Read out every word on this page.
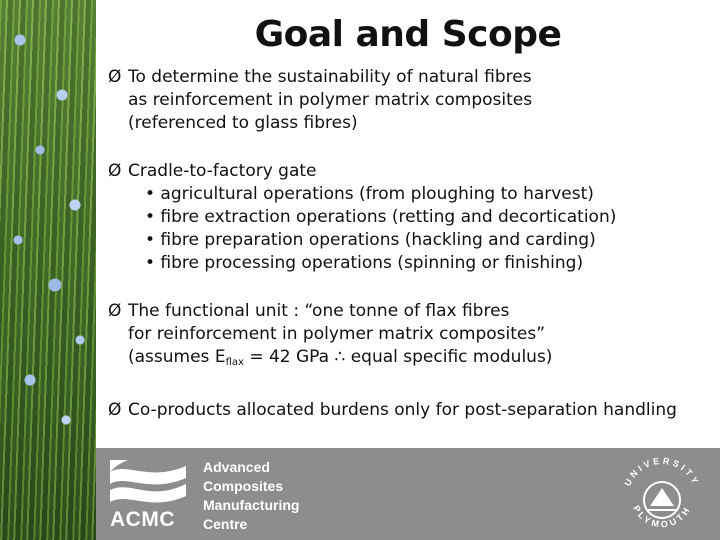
Goal and Scope
Ø To determine the sustainability of natural fibres
as reinforcement in polymer matrix composites
(referenced to glass fibres)
Ø Cradle-to-factory gate
• agricultural operations (from ploughing to harvest)
• fibre extraction operations (retting and decortication)
• fibre preparation operations (hackling and carding)
• fibre processing operations (spinning or finishing)
Ø The functional unit : “one tonne of flax fibres
for reinforcement in polymer matrix composites”
(assumes $E_{flax} = 42$ GPa ∴ equal specific modulus)
Ø Co-products allocated burdens only for post-separation handling
ACMC
Advanced
Composites
Manufacturing
Centre
UNIVERSITY
PLYMOUTH
